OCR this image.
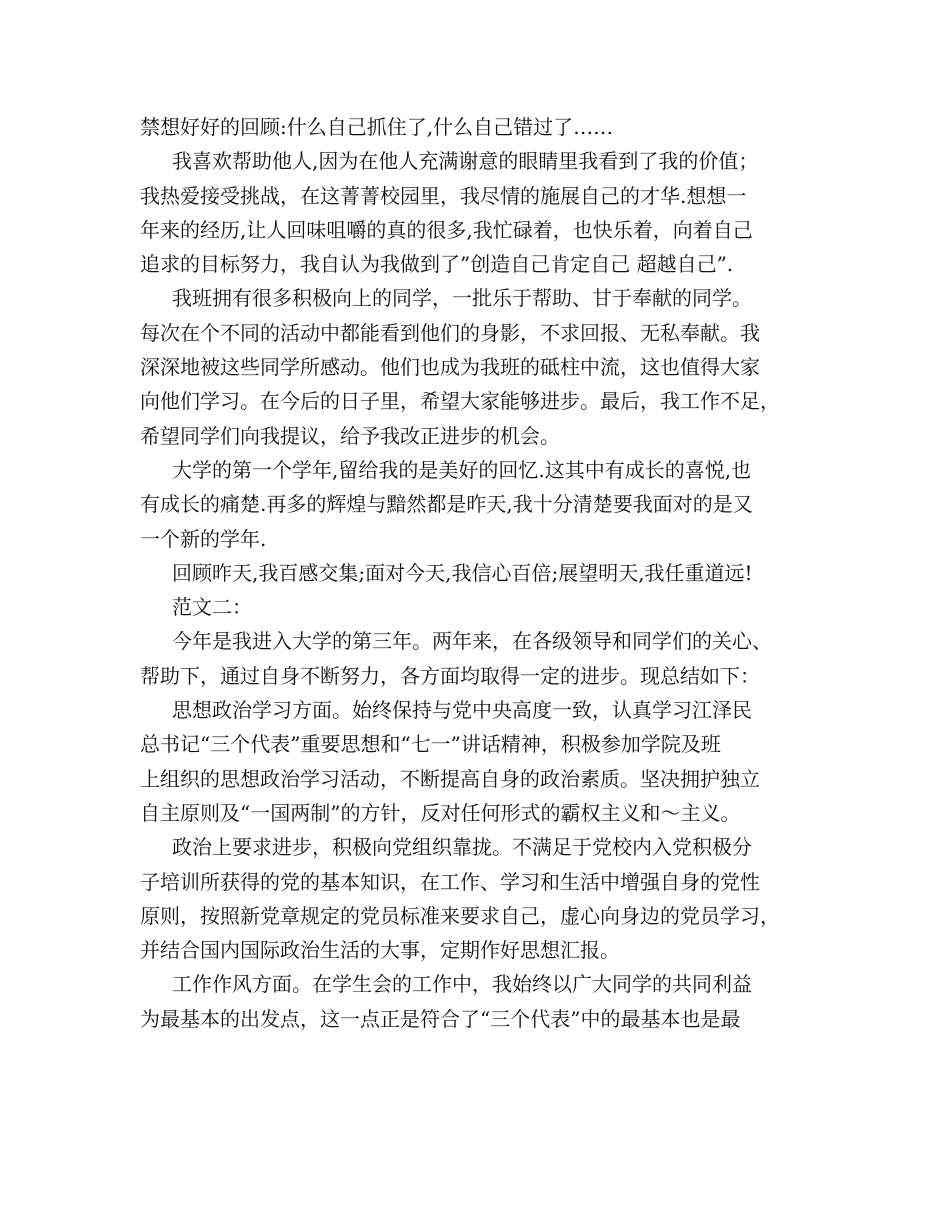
禁想好好的回顾:什么自己抓住了,什么自己错过了……
我喜欢帮助他人,因为在他人充满谢意的眼睛里我看到了我的价值；
我热爱接受挑战，在这菁菁校园里，我尽情的施展自己的才华.想想一
年来的经历,让人回味咀嚼的真的很多,我忙碌着，也快乐着，向着自己
追求的目标努力，我自认为我做到了”创造自己肯定自己 超越自己”.
我班拥有很多积极向上的同学，一批乐于帮助、甘于奉献的同学。
每次在个不同的活动中都能看到他们的身影，不求回报、无私奉献。我
深深地被这些同学所感动。他们也成为我班的砥柱中流，这也值得大家
向他们学习。在今后的日子里，希望大家能够进步。最后，我工作不足，
希望同学们向我提议，给予我改正进步的机会。
大学的第一个学年,留给我的是美好的回忆.这其中有成长的喜悦,也
有成长的痛楚.再多的辉煌与黯然都是昨天,我十分清楚要我面对的是又
一个新的学年.
回顾昨天,我百感交集;面对今天,我信心百倍;展望明天,我任重道远!
范文二：
今年是我进入大学的第三年。两年来，在各级领导和同学们的关心、
帮助下，通过自身不断努力，各方面均取得一定的进步。现总结如下：
思想政治学习方面。始终保持与党中央高度一致，认真学习江泽民
总书记“三个代表”重要思想和“七一”讲话精神，积极参加学院及班
上组织的思想政治学习活动，不断提高自身的政治素质。坚决拥护独立
自主原则及“一国两制”的方针，反对任何形式的霸权主义和～主义。
政治上要求进步，积极向党组织靠拢。不满足于党校内入党积极分
子培训所获得的党的基本知识，在工作、学习和生活中增强自身的党性
原则，按照新党章规定的党员标准来要求自己，虚心向身边的党员学习，
并结合国内国际政治生活的大事，定期作好思想汇报。
工作作风方面。在学生会的工作中，我始终以广大同学的共同利益
为最基本的出发点，这一点正是符合了“三个代表”中的最基本也是最
